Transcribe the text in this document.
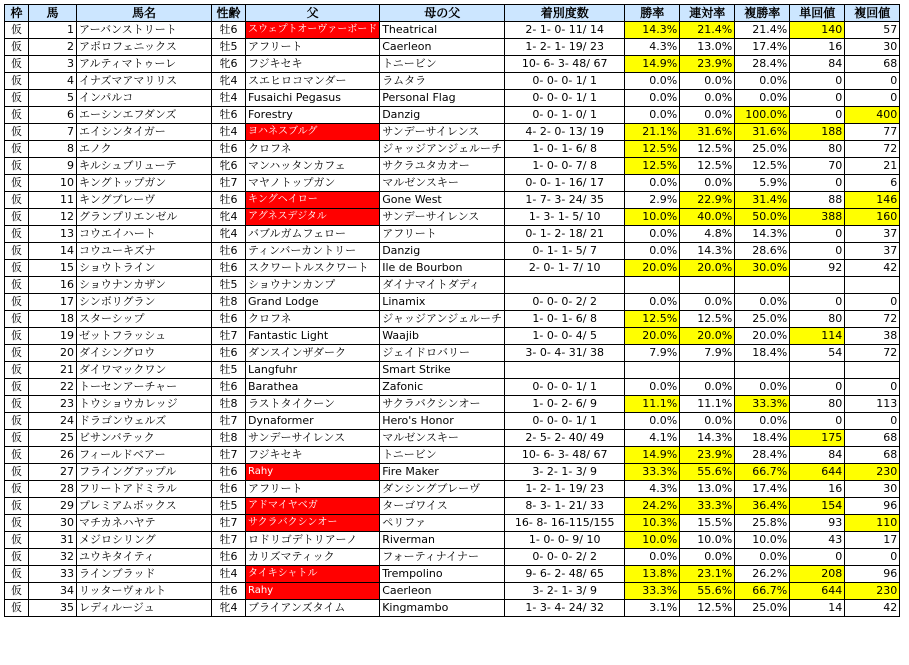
枠	馬	馬名	性齢	父	母の父	着別度数	勝率	連対率	複勝率	単回値	複回値
仮	1	アーバンストリート	牡6	スウェプトオーヴァーボード	Theatrical	2- 1- 0- 11/ 14	14.3%	21.4%	21.4%	140	57
仮	2	アポロフェニックス	牡5	アフリート	Caerleon	1- 2- 1- 19/ 23	4.3%	13.0%	17.4%	16	30
仮	3	アルティマトゥーレ	牝6	フジキセキ	トニービン	10- 6- 3- 48/ 67	14.9%	23.9%	28.4%	84	68
仮	4	イナズマアマリリス	牝4	スエヒロコマンダー	ラムタラ	0- 0- 0- 1/ 1	0.0%	0.0%	0.0%	0	0
仮	5	インパルコ	牡4	Fusaichi Pegasus	Personal Flag	0- 0- 0- 1/ 1	0.0%	0.0%	0.0%	0	0
仮	6	エーシンエフダンズ	牡6	Forestry	Danzig	0- 0- 1- 0/ 1	0.0%	0.0%	100.0%	0	400
仮	7	エイシンタイガー	牡4	ヨハネスブルグ	サンデーサイレンス	4- 2- 0- 13/ 19	21.1%	31.6%	31.6%	188	77
仮	8	エノク	牡6	クロフネ	ジャッジアンジェルーチ	1- 0- 1- 6/ 8	12.5%	12.5%	25.0%	80	72
仮	9	キルシュブリューテ	牝6	マンハッタンカフェ	サクラユタカオー	1- 0- 0- 7/ 8	12.5%	12.5%	12.5%	70	21
仮	10	キングトップガン	牡7	マヤノトップガン	マルゼンスキー	0- 0- 1- 16/ 17	0.0%	0.0%	5.9%	0	6
仮	11	キングブレーヴ	牡6	キングヘイロー	Gone West	1- 7- 3- 24/ 35	2.9%	22.9%	31.4%	88	146
仮	12	グランプリエンゼル	牝4	アグネスデジタル	サンデーサイレンス	1- 3- 1- 5/ 10	10.0%	40.0%	50.0%	388	160
仮	13	コウエイハート	牝4	バブルガムフェロー	アフリート	0- 1- 2- 18/ 21	0.0%	4.8%	14.3%	0	37
仮	14	コウユーキズナ	牡6	ティンバーカントリー	Danzig	0- 1- 1- 5/ 7	0.0%	14.3%	28.6%	0	37
仮	15	ショウトライン	牡6	スクワートルスクワート	Ile de Bourbon	2- 0- 1- 7/ 10	20.0%	20.0%	30.0%	92	42
仮	16	ショウナンカザン	牡5	ショウナンカンプ	ダイナマイトダディ						
仮	17	シンボリグラン	牡8	Grand Lodge	Linamix	0- 0- 0- 2/ 2	0.0%	0.0%	0.0%	0	0
仮	18	スターシップ	牡6	クロフネ	ジャッジアンジェルーチ	1- 0- 1- 6/ 8	12.5%	12.5%	25.0%	80	72
仮	19	ゼットフラッシュ	牡7	Fantastic Light	Waajib	1- 0- 0- 4/ 5	20.0%	20.0%	20.0%	114	38
仮	20	ダイシングロウ	牡6	ダンスインザダーク	ジェイドロバリー	3- 0- 4- 31/ 38	7.9%	7.9%	18.4%	54	72
仮	21	ダイワマックワン	牡5	Langfuhr	Smart Strike						
仮	22	トーセンアーチャー	牡6	Barathea	Zafonic	0- 0- 0- 1/ 1	0.0%	0.0%	0.0%	0	0
仮	23	トウショウカレッジ	牡8	ラストタイクーン	サクラバクシンオー	1- 0- 2- 6/ 9	11.1%	11.1%	33.3%	80	113
仮	24	ドラゴンウェルズ	牡7	Dynaformer	Hero's Honor	0- 0- 0- 1/ 1	0.0%	0.0%	0.0%	0	0
仮	25	ビサンバテック	牡8	サンデーサイレンス	マルゼンスキー	2- 5- 2- 40/ 49	4.1%	14.3%	18.4%	175	68
仮	26	フィールドベアー	牡7	フジキセキ	トニービン	10- 6- 3- 48/ 67	14.9%	23.9%	28.4%	84	68
仮	27	フライングアップル	牡6	Rahy	Fire Maker	3- 2- 1- 3/ 9	33.3%	55.6%	66.7%	644	230
仮	28	フリートアドミラル	牡6	アフリート	ダンシングブレーヴ	1- 2- 1- 19/ 23	4.3%	13.0%	17.4%	16	30
仮	29	プレミアムボックス	牡5	アドマイヤベガ	ターゴワイス	8- 3- 1- 21/ 33	24.2%	33.3%	36.4%	154	96
仮	30	マチカネハヤテ	牡7	サクラバクシンオー	ペリファ	16- 8- 16-115/155	10.3%	15.5%	25.8%	93	110
仮	31	メジロシリング	牡7	ロドリゴデトリアーノ	Riverman	1- 0- 0- 9/ 10	10.0%	10.0%	10.0%	43	17
仮	32	ユウキタイティ	牡6	カリズマティック	フォーティナイナー	0- 0- 0- 2/ 2	0.0%	0.0%	0.0%	0	0
仮	33	ラインブラッド	牡4	タイキシャトル	Trempolino	9- 6- 2- 48/ 65	13.8%	23.1%	26.2%	208	96
仮	34	リッターヴォルト	牡6	Rahy	Caerleon	3- 2- 1- 3/ 9	33.3%	55.6%	66.7%	644	230
仮	35	レディルージュ	牝4	ブライアンズタイム	Kingmambo	1- 3- 4- 24/ 32	3.1%	12.5%	25.0%	14	42
